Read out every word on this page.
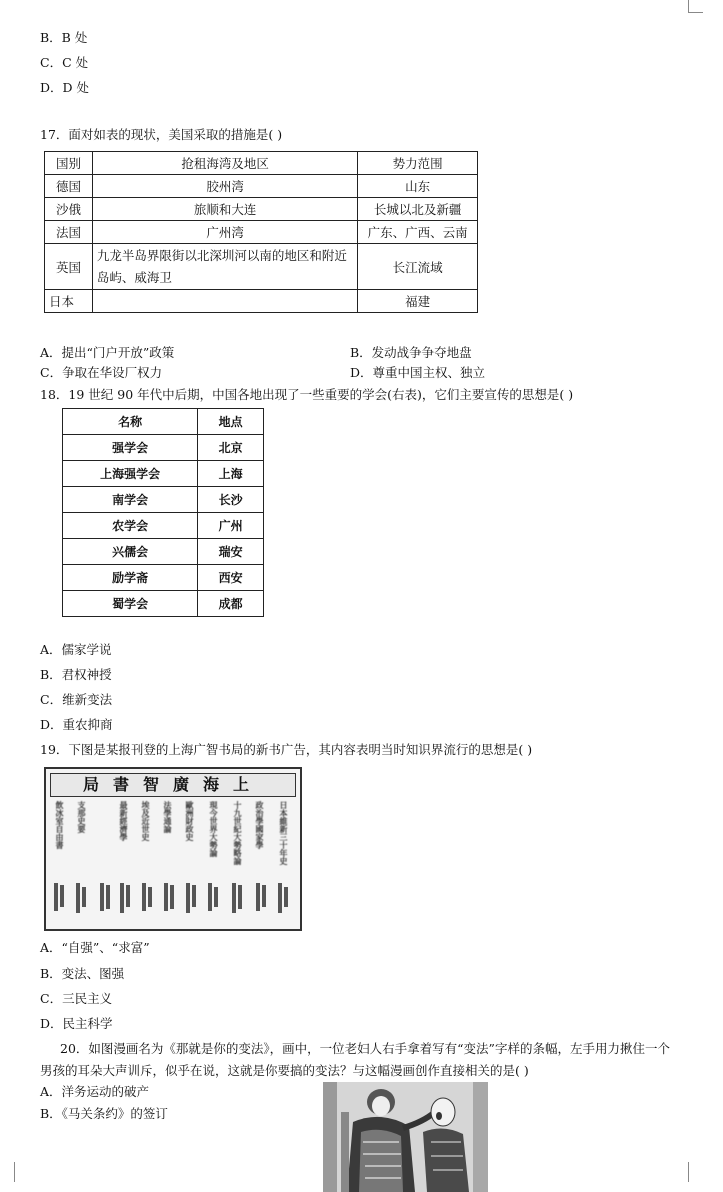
B．B 处
C．C 处
D．D 处
17．面对如表的现状，美国采取的措施是( )
国别	抢租海湾及地区	势力范围
德国	胶州湾	山东
沙俄	旅顺和大连	长城以北及新疆
法国	广州湾	广东、广西、云南
英国	九龙半岛界限街以北深圳河以南的地区和附近岛屿、威海卫	长江流域
日本		福建
A．提出“门户开放”政策	B．发动战争争夺地盘
C．争取在华设厂权力	D．尊重中国主权、独立
18．19 世纪 90 年代中后期，中国各地出现了一些重要的学会(右表)，它们主要宣传的思想是( )
名称	地点
强学会	北京
上海强学会	上海
南学会	长沙
农学会	广州
兴儒会	瑞安
励学斋	西安
蜀学会	成都
A．儒家学说
B．君权神授
C．维新变法
D．重农抑商
19．下图是某报刊登的上海广智书局的新书广告，其内容表明当时知识界流行的思想是( )
局書智廣海上
日本維新三十年史
政治學國家學
十九世紀大勢略論
現今世界大勢論
歐洲財政史
法學通論
埃及近世史
最新經濟學
支那史要
飲冰室自由書
A．“自强”、“求富”
B．变法、图强
C．三民主义
D．民主科学
20．如图漫画名为《那就是你的变法》，画中，一位老妇人右手拿着写有“变法”字样的条幅，左手用力揪住一个
男孩的耳朵大声训斥，似乎在说，这就是你要搞的变法？与这幅漫画创作直接相关的是( )
A．洋务运动的破产
B．《马关条约》的签订
